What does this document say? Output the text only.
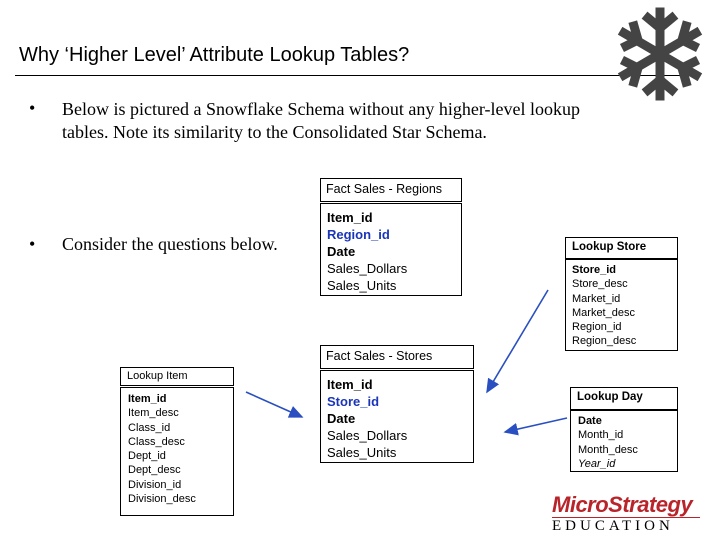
Why ‘Higher Level’ Attribute Lookup Tables?
• Below is pictured a Snowflake Schema without any higher-level lookup
tables. Note its similarity to the Consolidated Star Schema.
• Consider the questions below.
Fact Sales - Regions
Item_id
Region_id
Date
Sales_Dollars
Sales_Units
Fact Sales - Stores
Item_id
Store_id
Date
Sales_Dollars
Sales_Units
Lookup Item
Item_id
Item_desc
Class_id
Class_desc
Dept_id
Dept_desc
Division_id
Division_desc
Lookup Store
Store_id
Store_desc
Market_id
Market_desc
Region_id
Region_desc
Lookup Day
Date
Month_id
Month_desc
Year_id
MicroStrategy
EDUCATION
